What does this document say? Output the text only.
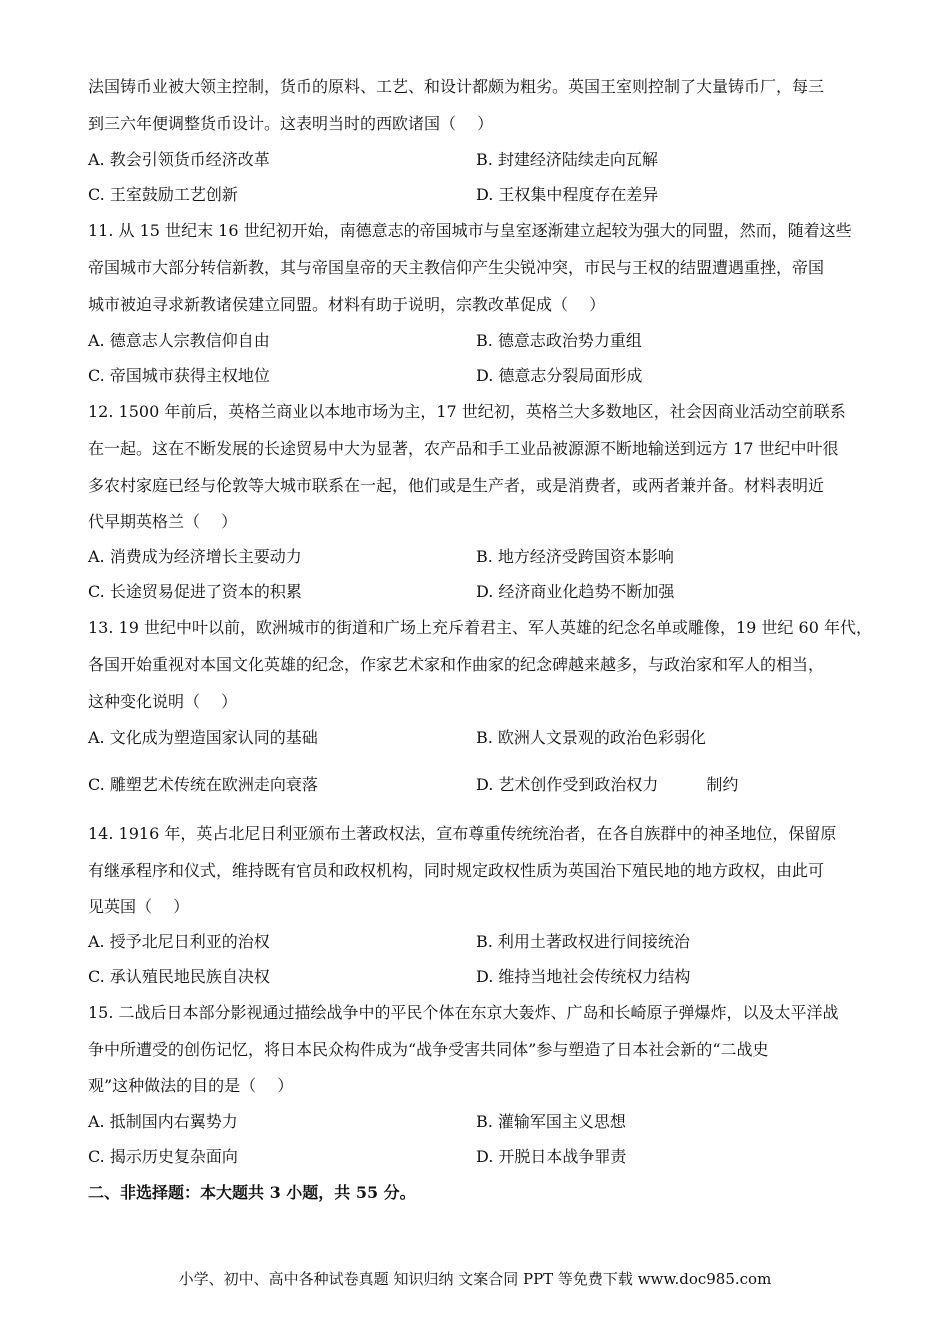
法国铸币业被大领主控制，货币的原料、工艺、和设计都颇为粗劣。英国王室则控制了大量铸币厂，每三
到三六年便调整货币设计。这表明当时的西欧诸国（　 ）
A. 教会引领货币经济改革	B. 封建经济陆续走向瓦解
C. 王室鼓励工艺创新	D. 王权集中程度存在差异
11. 从 15 世纪末 16 世纪初开始，南德意志的帝国城市与皇室逐渐建立起较为强大的同盟，然而，随着这些
帝国城市大部分转信新教，其与帝国皇帝的天主教信仰产生尖锐冲突，市民与王权的结盟遭遇重挫，帝国
城市被迫寻求新教诸侯建立同盟。材料有助于说明，宗教改革促成（　 ）
A. 德意志人宗教信仰自由	B. 德意志政治势力重组
C. 帝国城市获得主权地位	D. 德意志分裂局面形成
12. 1500 年前后，英格兰商业以本地市场为主，17 世纪初，英格兰大多数地区，社会因商业活动空前联系
在一起。这在不断发展的长途贸易中大为显著，农产品和手工业品被源源不断地输送到远方 17 世纪中叶很
多农村家庭已经与伦敦等大城市联系在一起，他们或是生产者，或是消费者，或两者兼并备。材料表明近
代早期英格兰（　 ）
A. 消费成为经济增长主要动力	B. 地方经济受跨国资本影响
C. 长途贸易促进了资本的积累	D. 经济商业化趋势不断加强
13. 19 世纪中叶以前，欧洲城市的街道和广场上充斥着君主、军人英雄的纪念名单或雕像，19 世纪 60 年代，
各国开始重视对本国文化英雄的纪念，作家艺术家和作曲家的纪念碑越来越多，与政治家和军人的相当，
这种变化说明（　 ）
A. 文化成为塑造国家认同的基础	B. 欧洲人文景观的政治色彩弱化
C. 雕塑艺术传统在欧洲走向衰落	D. 艺术创作受到政治权力　　　制约
14. 1916 年，英占北尼日利亚颁布土著政权法，宣布尊重传统统治者，在各自族群中的神圣地位，保留原
有继承程序和仪式，维持既有官员和政权机构，同时规定政权性质为英国治下殖民地的地方政权，由此可
见英国（　 ）
A. 授予北尼日利亚的治权	B. 利用土著政权进行间接统治
C. 承认殖民地民族自决权	D. 维持当地社会传统权力结构
15. 二战后日本部分影视通过描绘战争中的平民个体在东京大轰炸、广岛和长崎原子弹爆炸，以及太平洋战
争中所遭受的创伤记忆，将日本民众构件成为“战争受害共同体”参与塑造了日本社会新的“二战史
观”这种做法的目的是（　 ）
A. 抵制国内右翼势力	B. 灌输军国主义思想
C. 揭示历史复杂面向	D. 开脱日本战争罪责
二、非选择题：本大题共 3 小题，共 55 分。
小学、初中、高中各种试卷真题 知识归纳 文案合同 PPT 等免费下载 www.doc985.com
